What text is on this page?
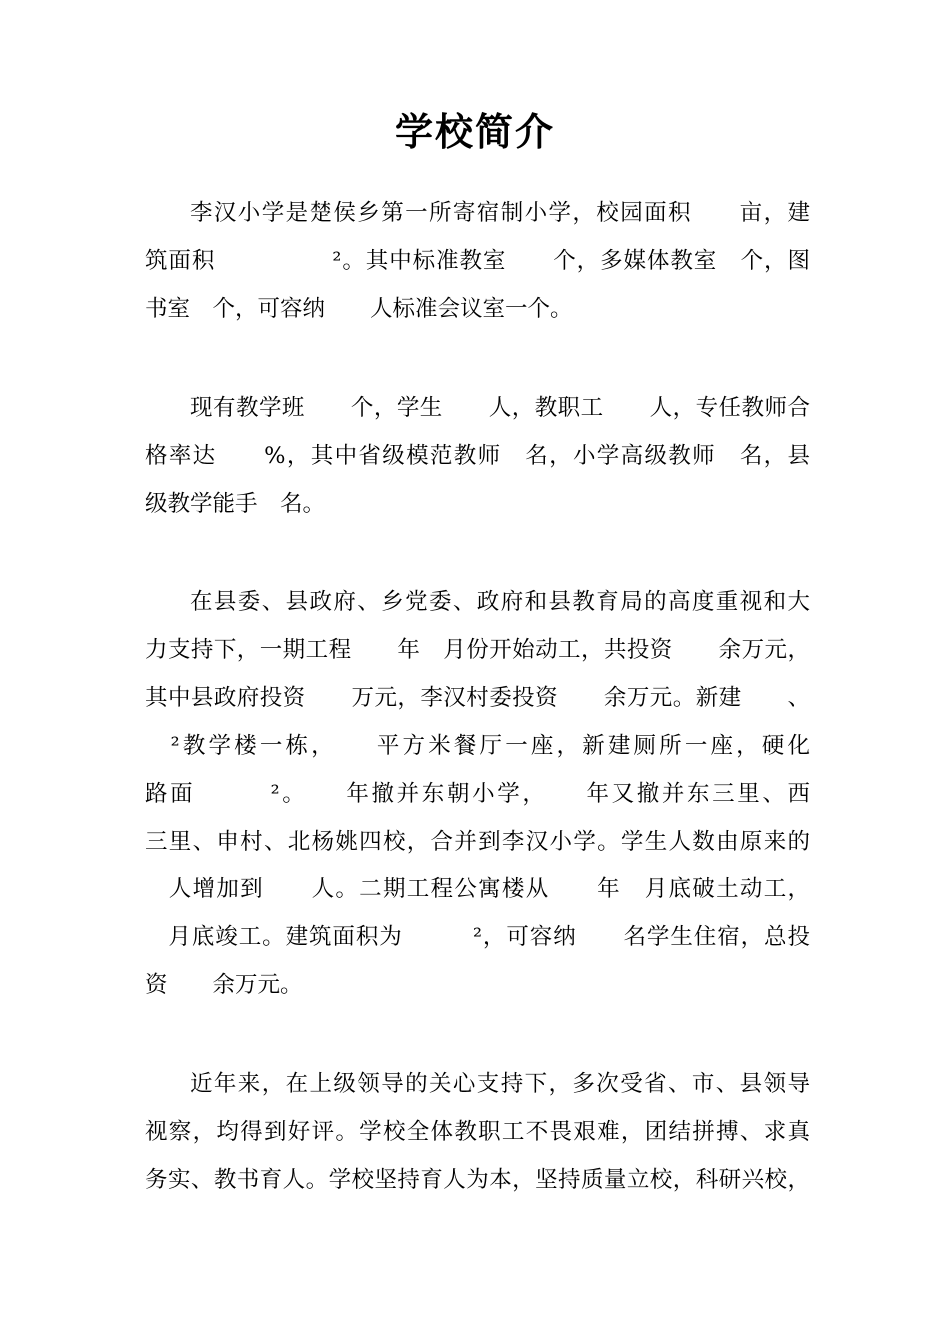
学校简介
李汉小学是楚侯乡第一所寄宿制小学，校园面积　　亩，建
筑面积　　　　　²。其中标准教室　　个，多媒体教室　个，图
书室　个，可容纳　　人标准会议室一个。
现有教学班　　个，学生　　人，教职工　　人，专任教师合
格率达　　%，其中省级模范教师　名，小学高级教师　名，县
级教学能手　名。
在县委、县政府、乡党委、政府和县教育局的高度重视和大
力支持下，一期工程　　年　月份开始动工，共投资　　余万元，
其中县政府投资　　万元，李汉村委投资　　余万元。新建　　、
　²教学楼一栋，　　平方米餐厅一座，新建厕所一座，硬化
路面　　　²。　　年撤并东朝小学，　　年又撤并东三里、西
三里、申村、北杨姚四校，合并到李汉小学。学生人数由原来的
　人增加到　　人。二期工程公寓楼从　　年　月底破土动工，
　月底竣工。建筑面积为　　　²，可容纳　　名学生住宿，总投
资　　余万元。
近年来，在上级领导的关心支持下，多次受省、市、县领导
视察，均得到好评。学校全体教职工不畏艰难，团结拼搏、求真
务实、教书育人。学校坚持育人为本，坚持质量立校，科研兴校，
